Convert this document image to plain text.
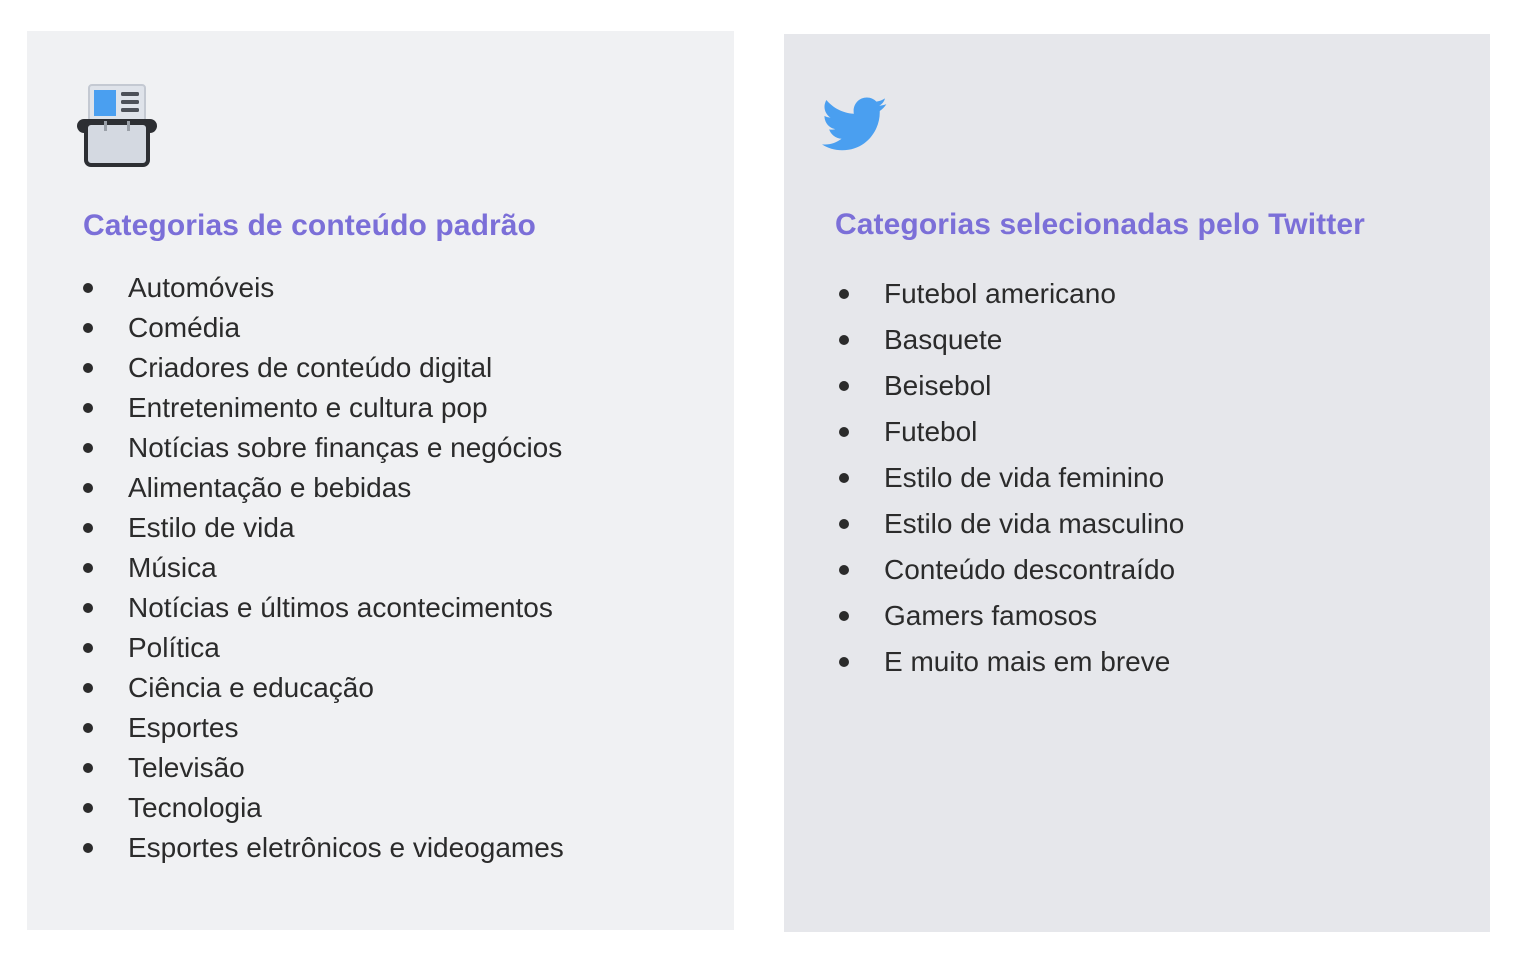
Categorias de conteúdo padrão
Automóveis
Comédia
Criadores de conteúdo digital
Entretenimento e cultura pop
Notícias sobre finanças e negócios
Alimentação e bebidas
Estilo de vida
Música
Notícias e últimos acontecimentos
Política
Ciência e educação
Esportes
Televisão
Tecnologia
Esportes eletrônicos e videogames
Categorias selecionadas pelo Twitter
Futebol americano
Basquete
Beisebol
Futebol
Estilo de vida feminino
Estilo de vida masculino
Conteúdo descontraído
Gamers famosos
E muito mais em breve
